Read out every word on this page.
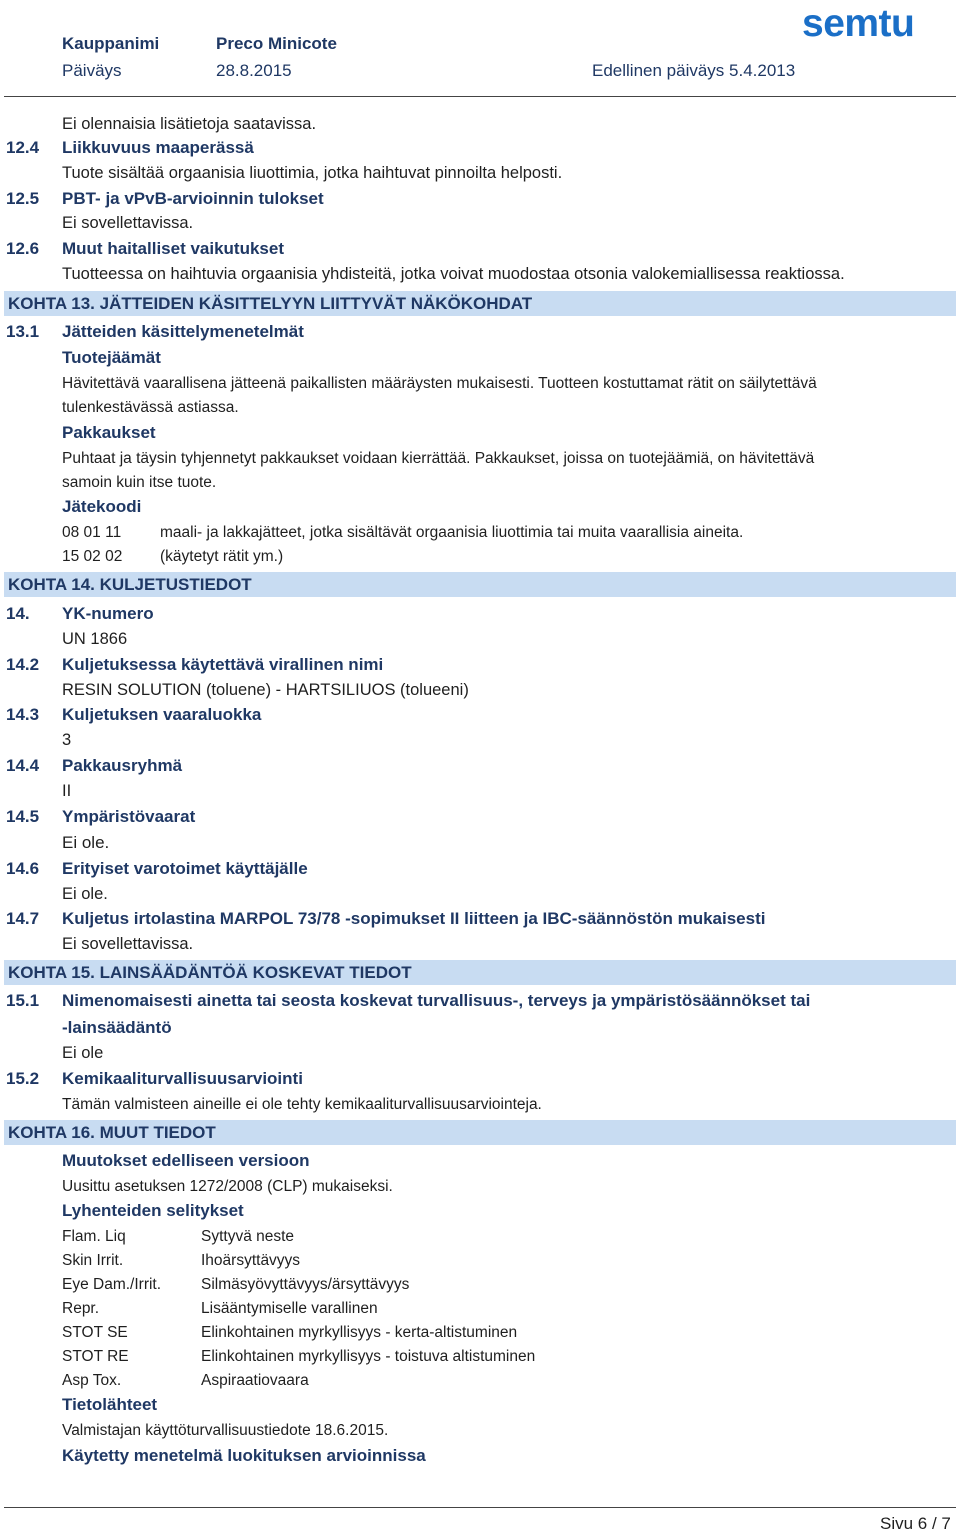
Kauppanimi	Preco Minicote
Päiväys	28.8.2015	Edellinen päiväys 5.4.2013
semtu
Ei olennaisia lisätietoja saatavissa.
12.4 Liikkuvuus maaperässä
Tuote sisältää orgaanisia liuottimia, jotka haihtuvat pinnoilta helposti.
12.5 PBT- ja vPvB-arvioinnin tulokset
Ei sovellettavissa.
12.6 Muut haitalliset vaikutukset
Tuotteessa on haihtuvia orgaanisia yhdisteitä, jotka voivat muodostaa otsonia valokemiallisessa reaktiossa.
KOHTA 13. JÄTTEIDEN KÄSITTELYYN LIITTYVÄT NÄKÖKOHDAT
13.1 Jätteiden käsittelymenetelmät
Tuotejäämät
Hävitettävä vaarallisena jätteenä paikallisten määräysten mukaisesti. Tuotteen kostuttamat rätit on säilytettävä
tulenkestävässä astiassa.
Pakkaukset
Puhtaat ja täysin tyhjennetyt pakkaukset voidaan kierrättää. Pakkaukset, joissa on tuotejäämiä, on hävitettävä
samoin kuin itse tuote.
Jätekoodi
08 01 11	maali- ja lakkajätteet, jotka sisältävät orgaanisia liuottimia tai muita vaarallisia aineita.
15 02 02 (käytetyt rätit ym.)
KOHTA 14. KULJETUSTIEDOT
14. YK-numero
UN 1866
14.2 Kuljetuksessa käytettävä virallinen nimi
RESIN SOLUTION (toluene) - HARTSILIUOS (tolueeni)
14.3 Kuljetuksen vaaraluokka
3
14.4 Pakkausryhmä
II
14.5 Ympäristövaarat
Ei ole.
14.6 Erityiset varotoimet käyttäjälle
Ei ole.
14.7 Kuljetus irtolastina MARPOL 73/78 -sopimukset II liitteen ja IBC-säännöstön mukaisesti
Ei sovellettavissa.
KOHTA 15. LAINSÄÄDÄNTÖÄ KOSKEVAT TIEDOT
15.1 Nimenomaisesti ainetta tai seosta koskevat turvallisuus-, terveys ja ympäristösäännökset tai
-lainsäädäntö
Ei ole
15.2 Kemikaaliturvallisuusarviointi
Tämän valmisteen aineille ei ole tehty kemikaaliturvallisuusarviointeja.
KOHTA 16. MUUT TIEDOT
Muutokset edelliseen versioon
Uusittu asetuksen 1272/2008 (CLP) mukaiseksi.
Lyhenteiden selitykset
Flam. Liq	Syttyvä neste
Skin Irrit.	Ihoärsyttävyys
Eye Dam./Irrit.	Silmäsyövyttävyys/ärsyttävyys
Repr.	Lisääntymiselle varallinen
STOT SE	Elinkohtainen myrkyllisyys - kerta-altistuminen
STOT RE	Elinkohtainen myrkyllisyys - toistuva altistuminen
Asp Tox.	Aspiraatiovaara
Tietolähteet
Valmistajan käyttöturvallisuustiedote 18.6.2015.
Käytetty menetelmä luokituksen arvioinnissa
Sivu 6 / 7
